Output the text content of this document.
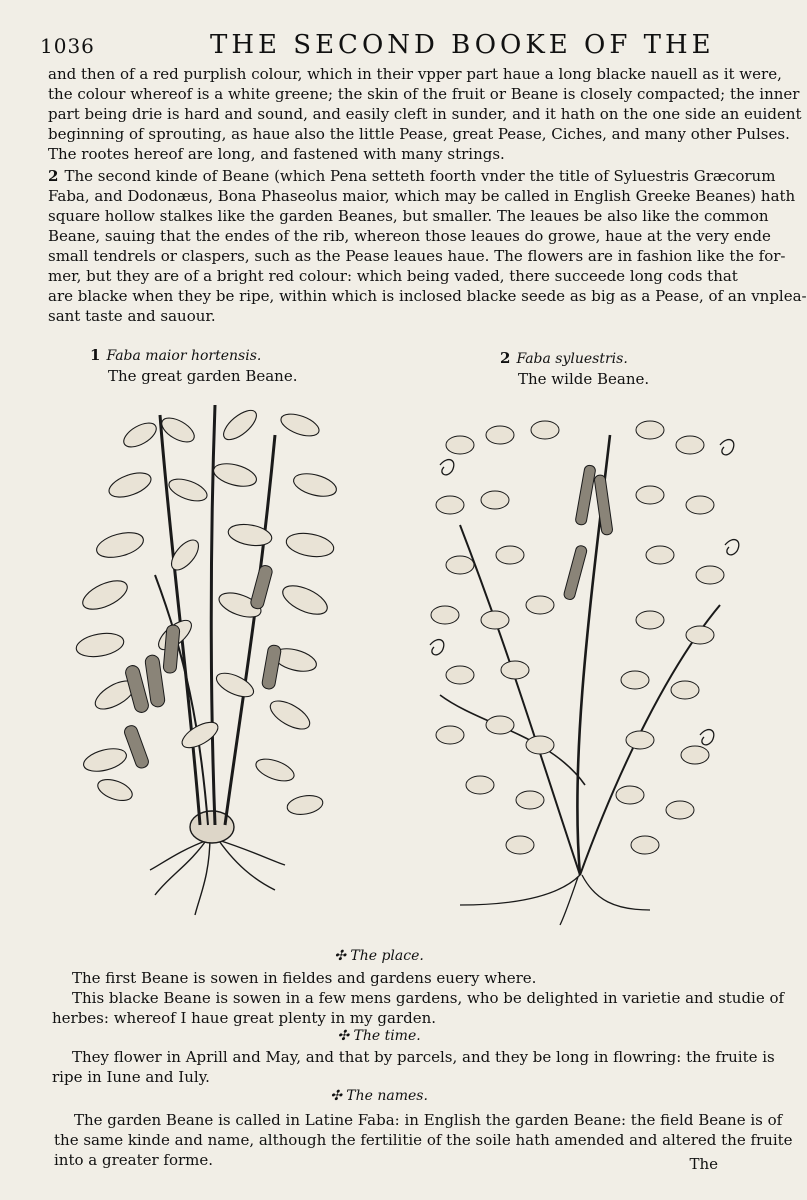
1036	THE SECOND BOOKE OF THE
and then of a red purplish colour, which in their vpper part haue a long blacke nauell as it were,
the colour whereof is a white greene; the skin of the fruit or Beane is closely compacted; the inner
part being drie is hard and sound, and easily cleft in sunder, and it hath on the one side an euident
beginning of sprouting, as haue also the little Pease, great Pease, Ciches, and many other Pulses.
The rootes hereof are long, and fastened with many strings.
2 The second kinde of Beane (which Pena setteth foorth vnder the title of Syluestris Græcorum
Faba, and Dodonæus, Bona Phaseolus maior, which may be called in English Greeke Beanes) hath
square hollow stalkes like the garden Beanes, but smaller. The leaues be also like the common
Beane, sauing that the endes of the rib, whereon those leaues do growe, haue at the very ende
small tendrels or claspers, such as the Pease leaues haue. The flowers are in fashion like the for-
mer, but they are of a bright red colour: which being vaded, there succeede long cods that
are blacke when they be ripe, within which is inclosed blacke seede as big as a Pease, of an vnplea-
sant taste and sauour.
1 Faba maior hortensis.
The great garden Beane.
2 Faba syluestris.
The wilde Beane.
✣ The place.
The first Beane is sowen in fieldes and gardens euery where.
This blacke Beane is sowen in a few mens gardens, who be delighted in varietie and studie of
herbes: whereof I haue great plenty in my garden.
✣ The time.
They flower in Aprill and May, and that by parcels, and they be long in flowring: the fruite is
ripe in Iune and Iuly.
✣ The names.
The garden Beane is called in Latine Faba: in English the garden Beane: the field Beane is of
the same kinde and name, although the fertilitie of the soile hath amended and altered the fruite
into a greater forme.	The
